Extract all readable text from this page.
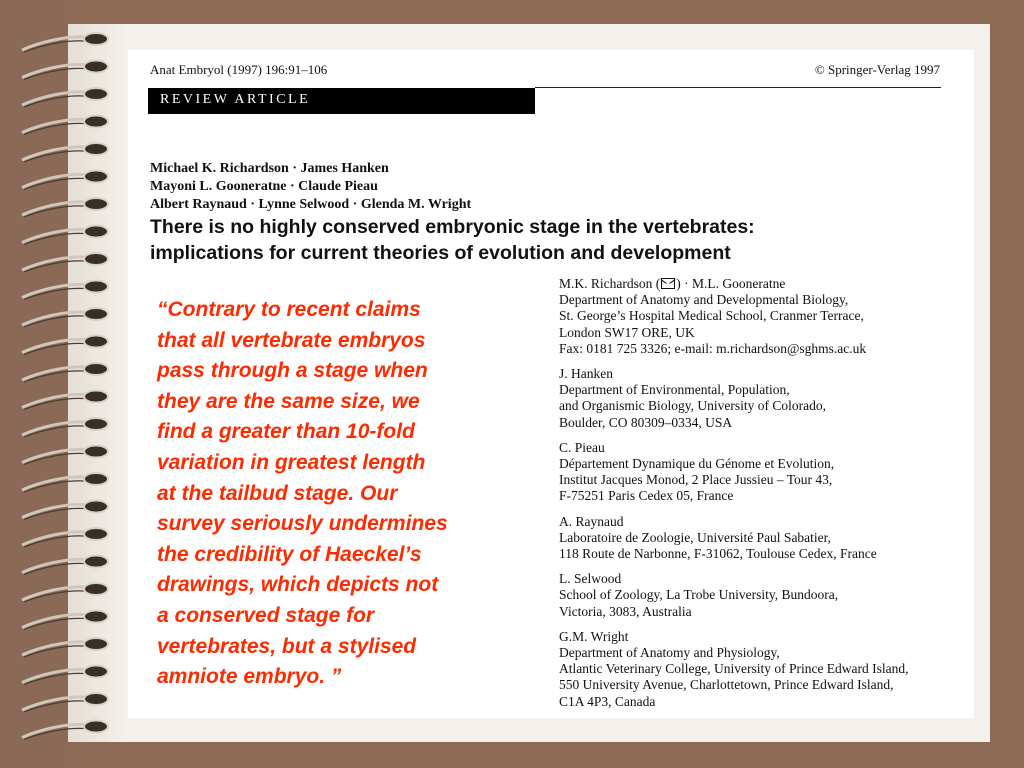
Anat Embryol (1997) 196:91–106	© Springer-Verlag 1997
REVIEW ARTICLE
Michael K. Richardson · James Hanken
Mayoni L. Gooneratne · Claude Pieau
Albert Raynaud · Lynne Selwood · Glenda M. Wright
There is no highly conserved embryonic stage in the vertebrates:
implications for current theories of evolution and development
“Contrary to recent claims
that all vertebrate embryos
pass through a stage when
they are the same size, we
find a greater than 10-fold
variation in greatest length
at the tailbud stage. Our
survey seriously undermines
the credibility of Haeckel’s
drawings, which depicts not
a conserved stage for
vertebrates, but a stylised
amniote embryo. ”
M.K. Richardson ( ) · M.L. Gooneratne
Department of Anatomy and Developmental Biology,
St. George’s Hospital Medical School, Cranmer Terrace,
London SW17 ORE, UK
Fax: 0181 725 3326; e-mail: m.richardson@sghms.ac.uk
J. Hanken
Department of Environmental, Population,
and Organismic Biology, University of Colorado,
Boulder, CO 80309–0334, USA
C. Pieau
Département Dynamique du Génome et Evolution,
Institut Jacques Monod, 2 Place Jussieu – Tour 43,
F-75251 Paris Cedex 05, France
A. Raynaud
Laboratoire de Zoologie, Université Paul Sabatier,
118 Route de Narbonne, F-31062, Toulouse Cedex, France
L. Selwood
School of Zoology, La Trobe University, Bundoora,
Victoria, 3083, Australia
G.M. Wright
Department of Anatomy and Physiology,
Atlantic Veterinary College, University of Prince Edward Island,
550 University Avenue, Charlottetown, Prince Edward Island,
C1A 4P3, Canada
